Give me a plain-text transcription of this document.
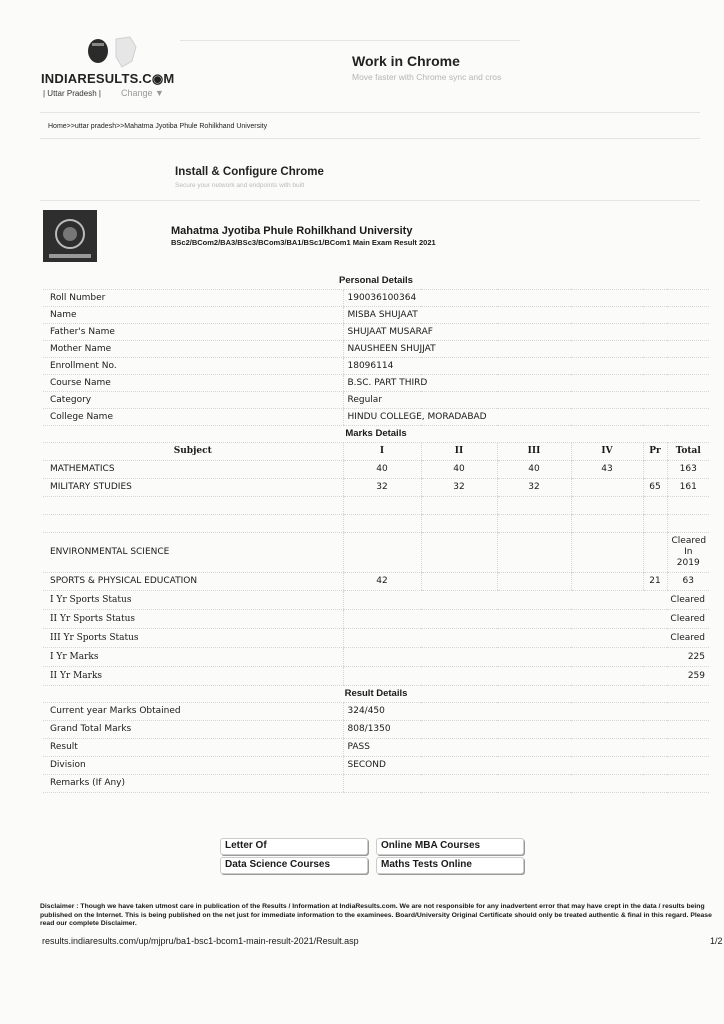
INDIARESULTS.C◉M
| Uttar Pradesh | Change ▼
Work in Chrome
Move faster with Chrome sync and cros
Home>>uttar pradesh>>Mahatma Jyotiba Phule Rohilkhand University
Install & Configure Chrome
Secure your network and endpoints with built
Mahatma Jyotiba Phule Rohilkhand University
BSc2/BCom2/BA3/BSc3/BCom3/BA1/BSc1/BCom1 Main Exam Result 2021
Personal Details						
Roll Number	190036100364					
Name	MISBA SHUJAAT					
Father's Name	SHUJAAT MUSARAF					
Mother Name	NAUSHEEN SHUJJAT					
Enrollment No.	18096114					
Course Name	B.SC. PART THIRD					
Category	Regular					
College Name	HINDU COLLEGE, MORADABAD					
Marks Details						
Subject	I	II	III	IV	Pr	Total
MATHEMATICS	40	40	40	43		163
MILITARY STUDIES	32	32	32		65	161

ENVIRONMENTAL SCIENCE						Cleared
In
2019
SPORTS & PHYSICAL EDUCATION	42				21	63
I Yr Sports Status	Cleared					
II Yr Sports Status	Cleared					
III Yr Sports Status	Cleared					
I Yr Marks	225					
II Yr Marks	259					
Result Details						
Current year Marks Obtained	324/450					
Grand Total Marks	808/1350					
Result	PASS					
Division	SECOND					
Remarks (If Any)						
Letter Of	Online MBA Courses
Data Science Courses	Maths Tests Online
Disclaimer : Though we have taken utmost care in publication of the Results / Information at IndiaResults.com. We are not responsible for any inadvertent error that may have crept in the data / results being published on the Internet. This is being published on the net just for immediate information to the examinees. Board/University Original Certificate should only be treated authentic & final in this regard. Please read our complete Disclaimer.
results.indiaresults.com/up/mjpru/ba1-bsc1-bcom1-main-result-2021/Result.asp	1/2
